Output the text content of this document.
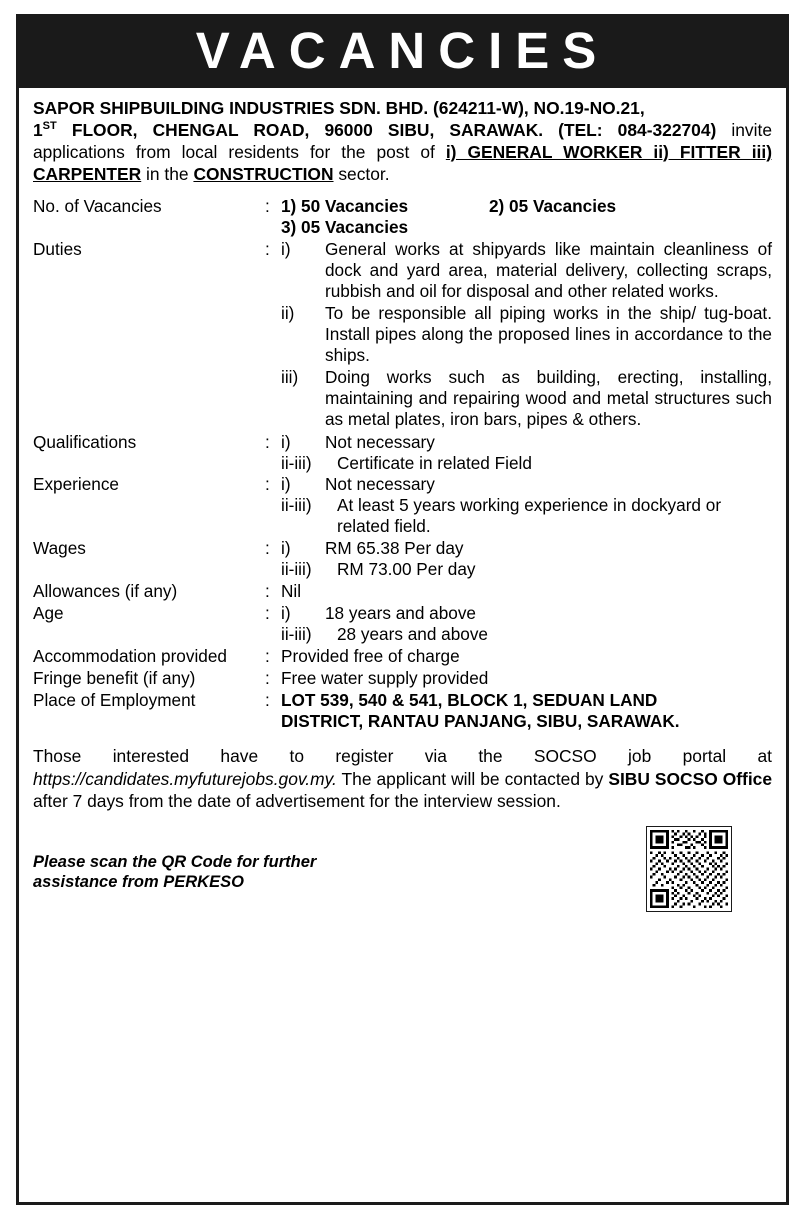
VACANCIES
SAPOR SHIPBUILDING INDUSTRIES SDN. BHD. (624211-W), NO.19-NO.21,
1ST FLOOR, CHENGAL ROAD, 96000 SIBU, SARAWAK. (TEL: 084-322704) invite applications from local residents for the post of i) GENERAL WORKER ii) FITTER iii) CARPENTER in the CONSTRUCTION sector.
No. of Vacancies	:	1) 50 Vacancies 2) 05 Vacancies
3) 05 Vacancies

Duties	:	i)	General works at shipyards like maintain cleanliness of dock and yard area, material delivery, collecting scraps, rubbish and oil for disposal and other related works.
ii)	To be responsible all piping works in the ship/ tug-boat. Install pipes along the proposed lines in accordance to the ships.
iii)	Doing works such as building, erecting, installing, maintaining and repairing wood and metal structures such as metal plates, iron bars, pipes & others.

Qualifications	:	i) Not necessary
ii-iii) Certificate in related Field

Experience	:	i) Not necessary
ii-iii) At least 5 years working experience in dockyard or related field.

Wages	:	i) RM 65.38 Per day
ii-iii) RM 73.00 Per day

Allowances (if any)	:	Nil
Age	:	i) 18 years and above
ii-iii) 28 years and above

Accommodation provided	:	Provided free of charge
Fringe benefit (if any)	:	Free water supply provided
Place of Employment	:	LOT 539, 540 & 541, BLOCK 1, SEDUAN LAND
DISTRICT, RANTAU PANJANG, SIBU, SARAWAK.
Those interested have to register via the SOCSO job portal at https://candidates.myfuturejobs.gov.my. The applicant will be contacted by SIBU SOCSO Office after 7 days from the date of advertisement for the interview session.
Please scan the QR Code for further
assistance from PERKESO
